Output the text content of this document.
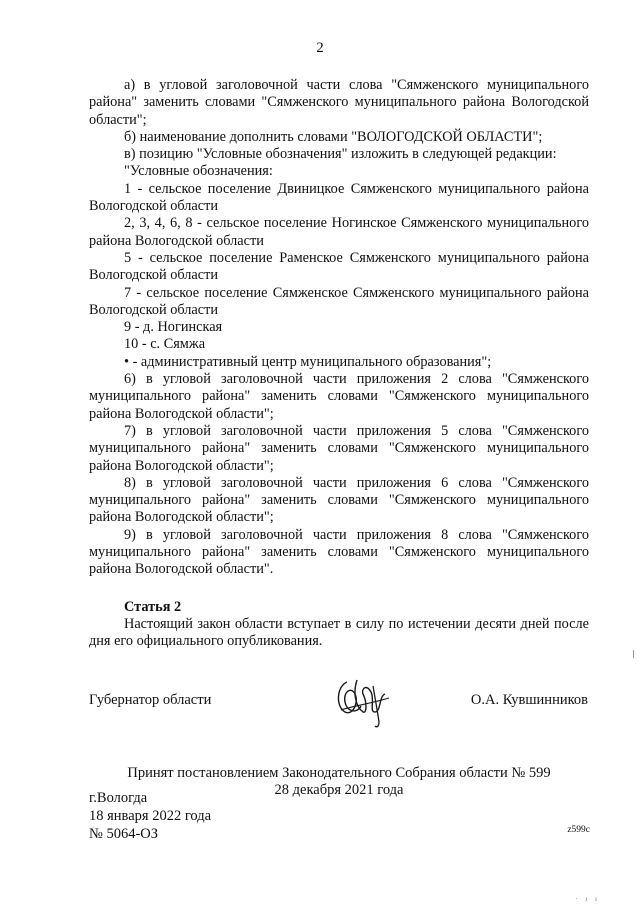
2

а) в угловой заголовочной части слова "Сямженского муниципального района" заменить словами "Сямженского муниципального района Вологодской области";

б) наименование дополнить словами "ВОЛОГОДСКОЙ ОБЛАСТИ";

в) позицию "Условные обозначения" изложить в следующей редакции:

"Условные обозначения:

1 - сельское поселение Двиницкое Сямженского муниципального района Вологодской области

2, 3, 4, 6, 8 - сельское поселение Ногинское Сямженского муниципального района Вологодской области

5 - сельское поселение Раменское Сямженского муниципального района Вологодской области

7 - сельское поселение Сямженское Сямженского муниципального района Вологодской области

9 - д. Ногинская

10 - с. Сямжа

• - административный центр муниципального образования";

6) в угловой заголовочной части приложения 2 слова "Сямженского муниципального района" заменить словами "Сямженского муниципального района Вологодской области";

7) в угловой заголовочной части приложения 5 слова "Сямженского муниципального района" заменить словами "Сямженского муниципального района Вологодской области";

8) в угловой заголовочной части приложения 6 слова "Сямженского муниципального района" заменить словами "Сямженского муниципального района Вологодской области";

9) в угловой заголовочной части приложения 8 слова "Сямженского муниципального района" заменить словами "Сямженского муниципального района Вологодской области".

Статья 2

Настоящий закон области вступает в силу по истечении десяти дней после дня его официального опубликования.

Губернатор области	О.А. Кувшинников
Принят постановлением Законодательного Собрания области № 599
28 декабря 2021 года
г.Вологда
18 января 2022 года
№ 5064-ОЗ	z599c
· ı ı
